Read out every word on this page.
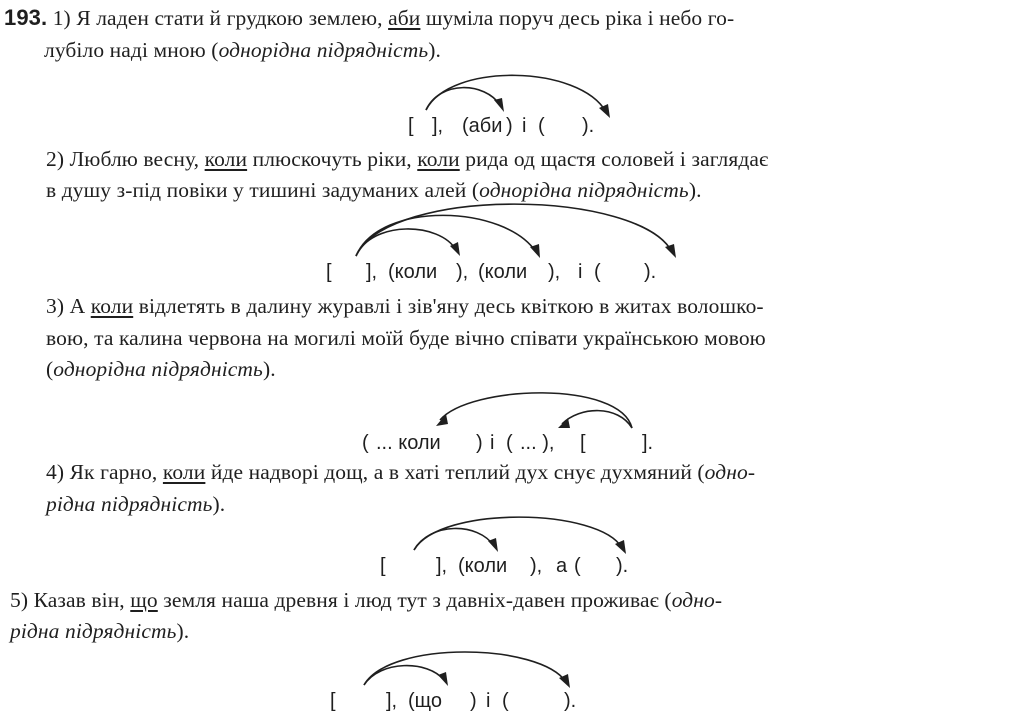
193. 1) Я ладен стати й грудкою землею, аби шуміла поруч десь ріка і небо го-
лубіло наді мною (однорідна підрядність).
[ ], (аби ) і ( ).
2) Люблю весну, коли плюскочуть ріки, коли рида од щастя соловей і заглядає
в душу з-під повіки у тишині задуманих алей (однорідна підрядність).
[ ], (коли ), (коли ), і ( ).
3) А коли відлетять в далину журавлі і зів'яну десь квіткою в житах волошко-
вою, та калина червона на могилі моїй буде вічно співати українською мовою
(однорідна підрядність).
( ... коли ) і ( ... ), [	].
4) Як гарно, коли йде надворі дощ, а в хаті теплий дух снує духмяний (одно-
рідна підрядність).
[	], (коли ), а ( ).
5) Казав він, що земля наша древня і люд тут з давніх-давен проживає (одно-
рідна підрядність).
[	], (що ) і (	).
